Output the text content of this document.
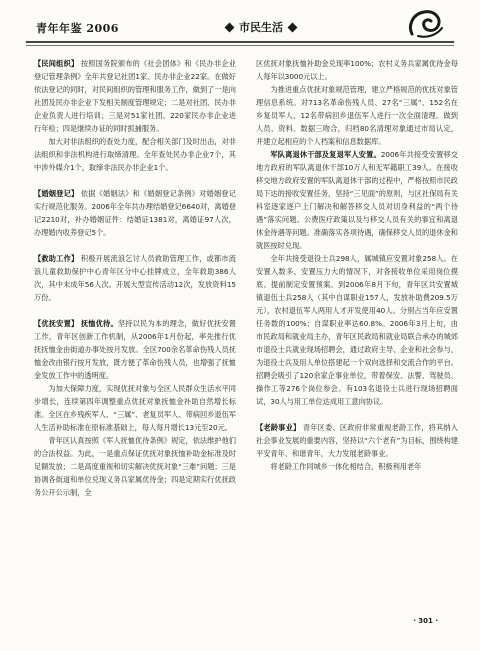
青年年鉴 2006	市民生活

【民间组织】 按照国务院颁布的《社会团体》和《民办非企业登记管理条例》全年共登记社团1家、民办非企业22家。在做好依法登记的同时，对民间组织的管理和服务工作，做到了一是向社团及民办非企业下发相关制度管理规定；二是对社团、民办非企业负责人进行培训；三是对51家社团、220家民办非企业进行年检；四是继续办证的同时抓捕服务。

加大对非法组织的查处力度，配合相关部门及时出击，对非法组织和非法机构进行取缔清理。全年查处民办非企业7个，其中涉外媒介1个，取缔非法民办非企业1个。

【婚姻登记】 依据《婚姻法》和《婚姻登记条例》对婚姻登记实行规范化服务。2006年全年共办理结婚登记6640对，离婚登记2210对，补办婚姻证件：结婚证1381对，离婚证97人次，办理婚内收养登记5个。

【救助工作】 积极开展流浪乞讨人员救助管理工作，或都市流浪儿童救助保护中心青年区分中心挂牌成立，全年救助386人次，其中未成年56人次。开展大型宣传活动12次，发放资料15万份。

【优抚安置】 抚恤优待。坚持以民为本的理念，做好优抚安置工作，青年区创新工作机制，从2006年1月份起，率先推行优抚抚恤金由街道办事处按月发放。全区700余名革命伤残人员抚恤金改由银行按月发放，既方便了革命伤残人员，也增强了抚恤金发放工作中的透明度。

为加大保障力度，实现优抚对象与全区人民群众生活水平同步增长，连续第四年调整重点优抚对象抚恤金补助自然增长标准。全区在乡残疾军人、“三属”、老复员军人、带病回乡退伍军人生活补助标准在原标准基础上，每人每月增长13元至20元。

青年区认真按照《军人抚恤优待条例》规定，依法维护他们的合法权益。为此，一是重点保证优抚对象抚恤补助金标准及时足额发放；二是高度重视和切实解决优抚对象“三难”问题；三是协调各街道和单位兑现义务兵家属优待金；四是定期实行优抚政务公开公示制，全

区优抚对象抚恤补助金兑现率100%；农村义务兵家属优待金每人每年以3000元以上。

为推进重点优抚对象规范管理，建立严格规范的优抚对象管理信息系统。对713名革命伤残人员、27名“三属”、152名在乡复员军人、12名带病回乡退伍军人进行一次全面清理。做到人员、资料、数据三吻合，归档80名清理对象通过市局认定，并建立起相应的个人档案和信息数据库。

军队离退休干部及复退军人安置。2006年共接受安置移交地方政府的军队离退休干部10万人和无军籍职工39人。在接收移交地方政府安置的军队离退休干部的过程中，严格按照市民政局下达的接收安置任务，坚持“三见面”的原则，与区社保局有关科室逐家逐户上门解决和解答移交人员对切身利益的“两个待遇”落实问题。公费医疗政策以及与移交人员有关的事宜和离退休金待遇等问题。准确落实各项待遇，确保移交人员的退休金和就医按时兑现。

全年共接受退役士兵298人，属城镇应安置对象258人。在安置入数多、安置压力大的情况下，对各接收单位采用岗位摸底、提前制定安置预案。到2006年8月下旬，青年区共安置城镇退伍士兵258人（其中自谋职业157人，发放补助费209.5万元），农村退伍军人两用人才开发使用40人。分别占当年应安置任务数的100%；自谋职业率达60.8%。2006年3月上旬，由市民政局和就业局主办，青年区民政局和就业局联合承办的城郊市退役士兵就业现场招聘会，通过政府主导、企业和社会参与，为退役士兵及用人单位搭建起一个双向选择和交流合作的平台。招聘会吸引了120余家企事业单位，带着保安、法警、驾驶员、操作工等276个岗位参会。有103名退役士兵进行现场招聘面试，30人与用工单位达成用工意向协议。

【老龄事业】 青年区委、区政府非常重视老龄工作，将其纳入社会事业发展的重要内容，坚持以“六个老有”为目标，围绕构建平安青年、和谐青年，大力发展老龄事业。

将老龄工作同城乡一体化相结合，积极利用老年

· 301 ·
